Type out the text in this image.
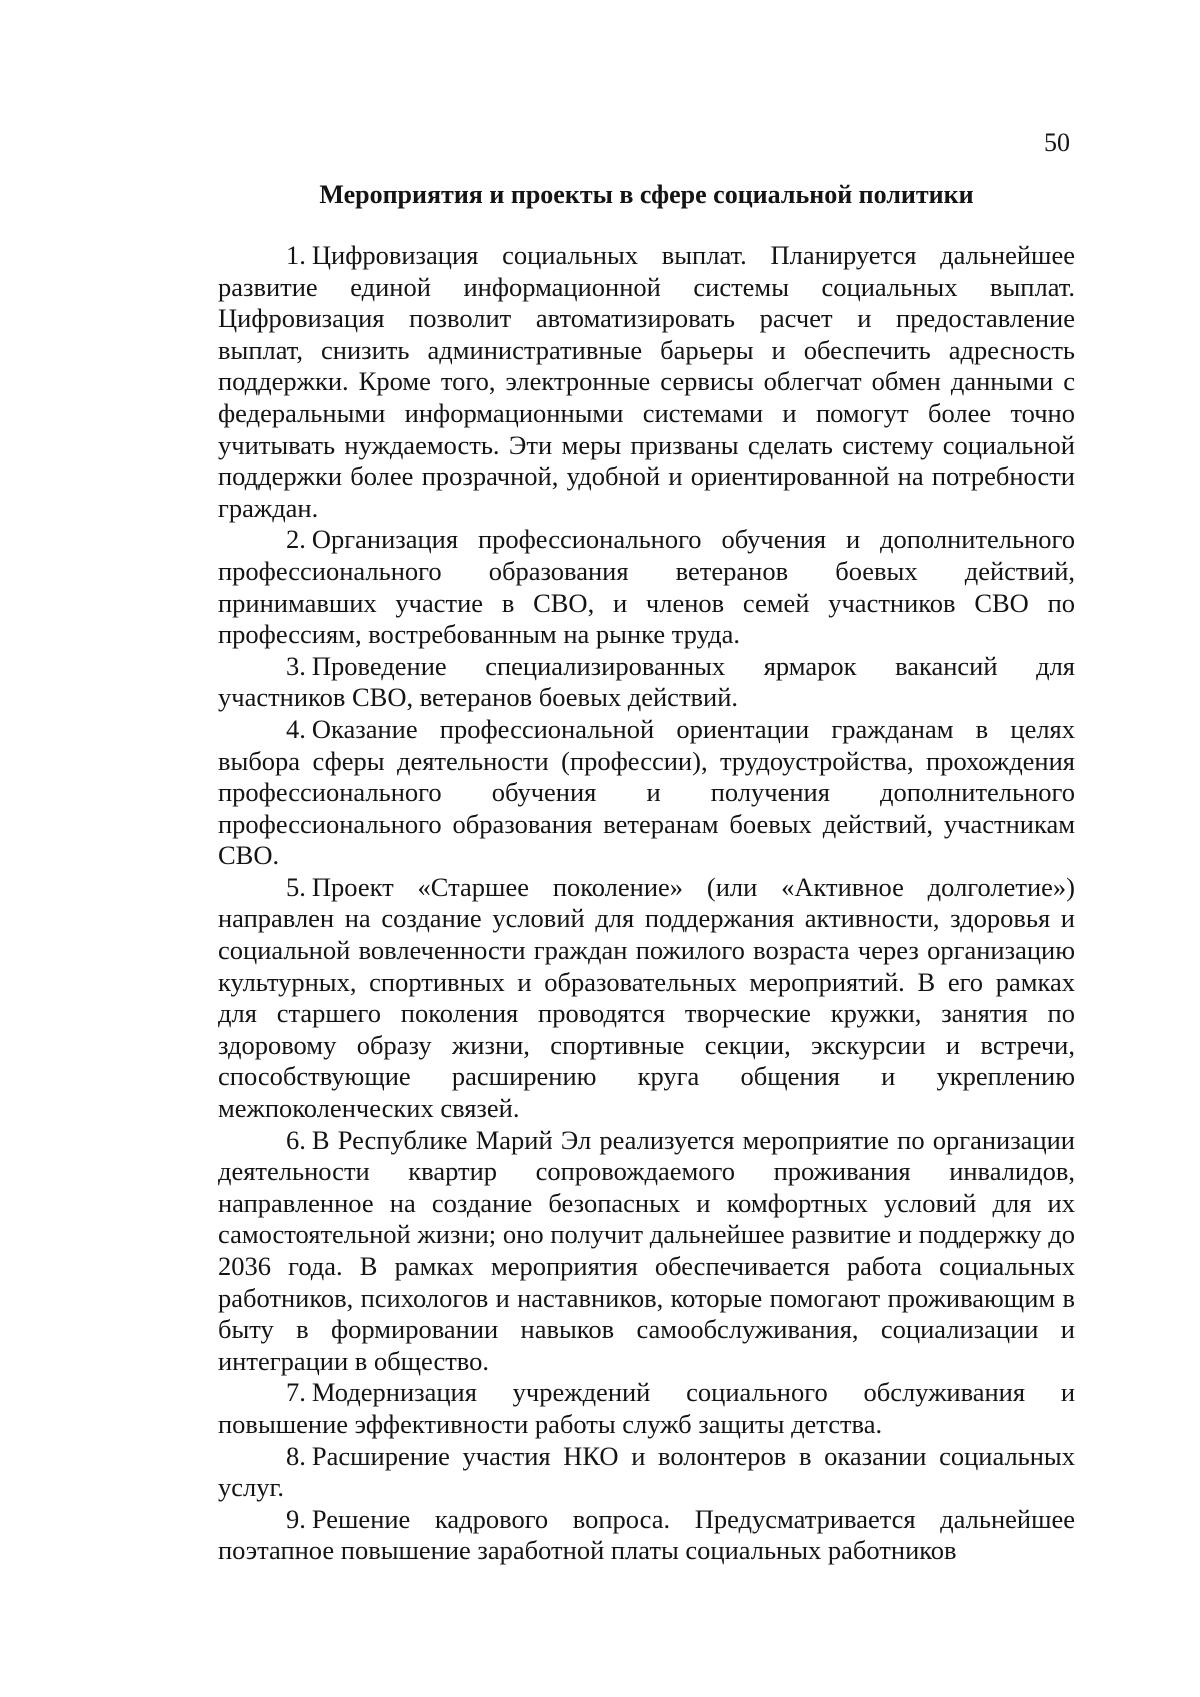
50
Мероприятия и проекты в сфере социальной политики

1. Цифровизация социальных выплат. Планируется дальнейшее развитие единой информационной системы социальных выплат. Цифровизация позволит автоматизировать расчет и предоставление выплат, снизить административные барьеры и обеспечить адресность поддержки. Кроме того, электронные сервисы облегчат обмен данными с федеральными информационными системами и помогут более точно учитывать нуждаемость. Эти меры призваны сделать систему социальной поддержки более прозрачной, удобной и ориентированной на потребности граждан.

2. Организация профессионального обучения и дополнительного профессионального образования ветеранов боевых действий, принимавших участие в СВО, и членов семей участников СВО по профессиям, востребованным на рынке труда.

3. Проведение специализированных ярмарок вакансий для участников СВО, ветеранов боевых действий.

4. Оказание профессиональной ориентации гражданам в целях выбора сферы деятельности (профессии), трудоустройства, прохождения профессионального обучения и получения дополнительного профессионального образования ветеранам боевых действий, участникам СВО.

5. Проект «Старшее поколение» (или «Активное долголетие») направлен на создание условий для поддержания активности, здоровья и социальной вовлеченности граждан пожилого возраста через организацию культурных, спортивных и образовательных мероприятий. В его рамках для старшего поколения проводятся творческие кружки, занятия по здоровому образу жизни, спортивные секции, экскурсии и встречи, способствующие расширению круга общения и укреплению межпоколенческих связей.

6. В Республике Марий Эл реализуется мероприятие по организации деятельности квартир сопровождаемого проживания инвалидов, направленное на создание безопасных и комфортных условий для их самостоятельной жизни; оно получит дальнейшее развитие и поддержку до 2036 года. В рамках мероприятия обеспечивается работа социальных работников, психологов и наставников, которые помогают проживающим в быту в формировании навыков самообслуживания, социализации и интеграции в общество.

7. Модернизация учреждений социального обслуживания и повышение эффективности работы служб защиты детства.

8. Расширение участия НКО и волонтеров в оказании социальных услуг.

9. Решение кадрового вопроса. Предусматривается дальнейшее поэтапное повышение заработной платы социальных работников
